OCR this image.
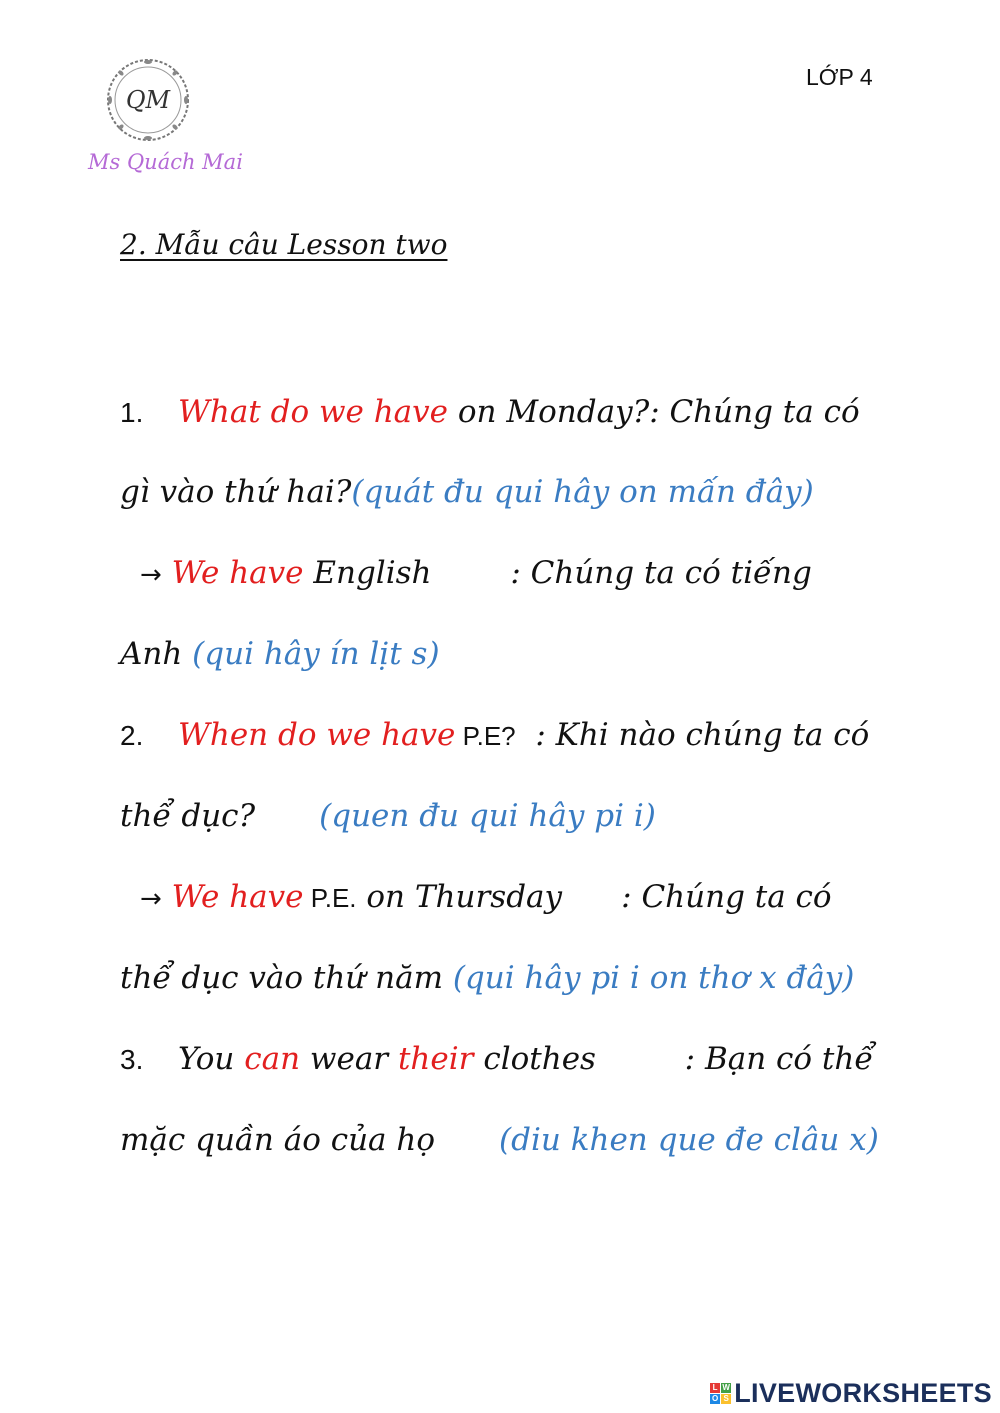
QM
Ms Quách Mai
LỚP 4
2. Mẫu câu Lesson two
1. What do we have on Monday?: Chúng ta có
gì vào thứ hai?(quát đu qui hây on mấn đây)
→ We have English        : Chúng ta có tiếng
Anh (qui hây ín lịt s)
2. When do we have P.E?  : Khi nào chúng ta có
thể dục? (quen đu qui hây pi i)
→ We have P.E. on Thursday      : Chúng ta có
thể dục vào thứ năm (qui hây pi i on thơ x đây)
3. You can wear their clothes         : Bạn có thể
mặc quần áo của họ (diu khen que đe clâu x)
L W
O S LIVEWORKSHEETS
